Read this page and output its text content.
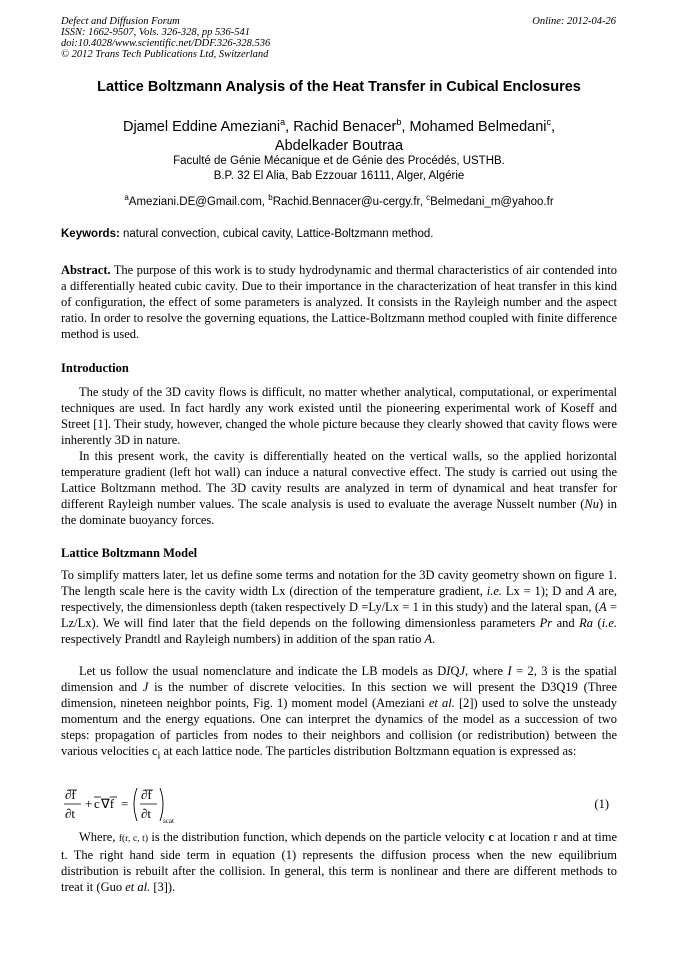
Defect and Diffusion Forum
ISSN: 1662-9507, Vols. 326-328, pp 536-541
doi:10.4028/www.scientific.net/DDF.326-328.536
© 2012 Trans Tech Publications Ltd, Switzerland
Online: 2012-04-26
Lattice Boltzmann Analysis of the Heat Transfer in Cubical Enclosures
Djamel Eddine Ameziani$^a$, Rachid Benacer$^b$, Mohamed Belmedani$^c$,
Abdelkader Boutraa
Faculté de Génie Mécanique et de Génie des Procédés, USTHB.
B.P. 32 El Alia, Bab Ezzouar 16111, Alger, Algérie
$^a$Ameziani.DE@Gmail.com, $^b$Rachid.Bennacer@u-cergy.fr, $^c$Belmedani_m@yahoo.fr
Keywords: natural convection, cubical cavity, Lattice-Boltzmann method.

Abstract. The purpose of this work is to study hydrodynamic and thermal characteristics of air contended into a differentially heated cubic cavity. Due to their importance in the characterization of heat transfer in this kind of configuration, the effect of some parameters is analyzed. It consists in the Rayleigh number and the aspect ratio. In order to resolve the governing equations, the Lattice-Boltzmann method coupled with finite difference method is used.

Introduction

The study of the 3D cavity flows is difficult, no matter whether analytical, computational, or experimental techniques are used. In fact hardly any work existed until the pioneering experimental work of Koseff and Street [1]. Their study, however, changed the whole picture because they clearly showed that cavity flows were inherently 3D in nature.

In this present work, the cavity is differentially heated on the vertical walls, so the applied horizontal temperature gradient (left hot wall) can induce a natural convective effect. The study is carried out using the Lattice Boltzmann method. The 3D cavity results are analyzed in term of dynamical and heat transfer for different Rayleigh number values. The scale analysis is used to evaluate the average Nusselt number (Nu) in the dominate buoyancy forces.

Lattice Boltzmann Model

To simplify matters later, let us define some terms and notation for the 3D cavity geometry shown on figure 1. The length scale here is the cavity width Lx (direction of the temperature gradient, i.e. Lx = 1); D and A are, respectively, the dimensionless depth (taken respectively D =Ly/Lx = 1 in this study) and the lateral span, (A = Lz/Lx). We will find later that the field depends on the following dimensionless parameters Pr and Ra (i.e. respectively Prandtl and Rayleigh numbers) in addition of the span ratio A.

Let us follow the usual nomenclature and indicate the LB models as DIQJ, where I = 2, 3 is the spatial dimension and J is the number of discrete velocities. In this section we will present the D3Q19 (Three dimension, nineteen neighbor points, Fig. 1) moment model (Ameziani et al. [2]) used to solve the unsteady momentum and the energy equations. One can interpret the dynamics of the model as a succession of two steps: propagation of particles from nodes to their neighbors and collision (or redistribution) between the various velocities $c_i$ at each lattice node. The particles distribution Boltzmann equation is expressed as:

∂f
∂t
+ c ∇f =
∂f
∂t scat
(1)

Where, f(r, c, t) is the distribution function, which depends on the particle velocity c at location r and at time t. The right hand side term in equation (1) represents the diffusion process when the new equilibrium distribution is rebuilt after the collision. In general, this term is nonlinear and there are different methods to treat it (Guo et al. [3]).
